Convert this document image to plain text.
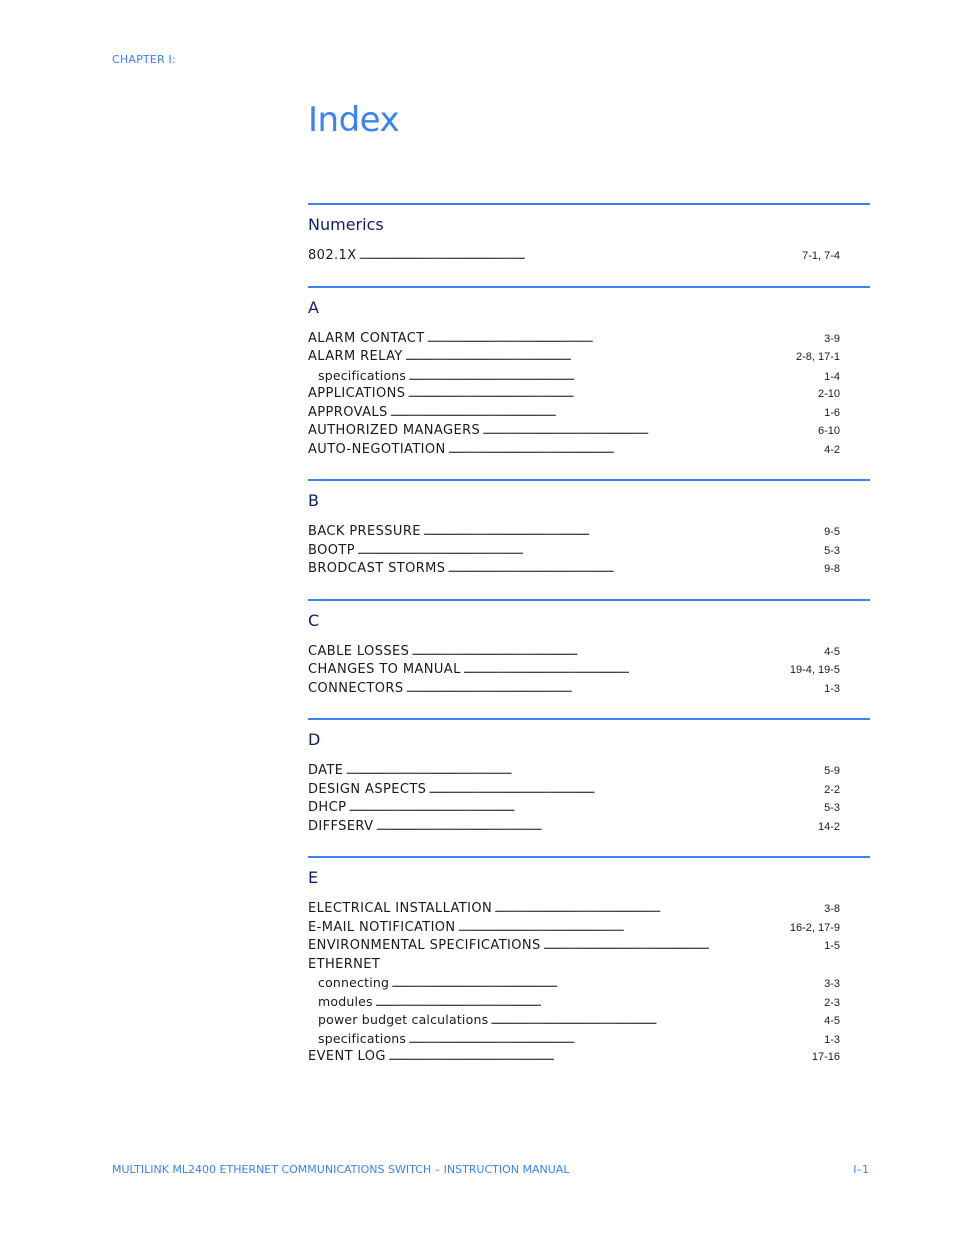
CHAPTER I:
Index
Numerics
802.1X . . .	7-1, 7-4
A
ALARM CONTACT . . .	3-9
ALARM RELAY . . .	2-8, 17-1
specifications . . .	1-4
APPLICATIONS . . .	2-10
APPROVALS . . .	1-6
AUTHORIZED MANAGERS . . .	6-10
AUTO-NEGOTIATION . . .	4-2
B
BACK PRESSURE . . .	9-5
BOOTP . . .	5-3
BRODCAST STORMS . . .	9-8
C
CABLE LOSSES . . .	4-5
CHANGES TO MANUAL . . .	19-4, 19-5
CONNECTORS . . .	1-3
D
DATE . . .	5-9
DESIGN ASPECTS . . .	2-2
DHCP . . .	5-3
DIFFSERV . . .	14-2
E
ELECTRICAL INSTALLATION . . .	3-8
E-MAIL NOTIFICATION . . .	16-2, 17-9
ENVIRONMENTAL SPECIFICATIONS . . .	1-5
ETHERNET
connecting . . .	3-3
modules . . .	2-3
power budget calculations . . .	4-5
specifications . . .	1-3
EVENT LOG . . .	17-16
MULTILINK ML2400 ETHERNET COMMUNICATIONS SWITCH – INSTRUCTION MANUAL	I–1
